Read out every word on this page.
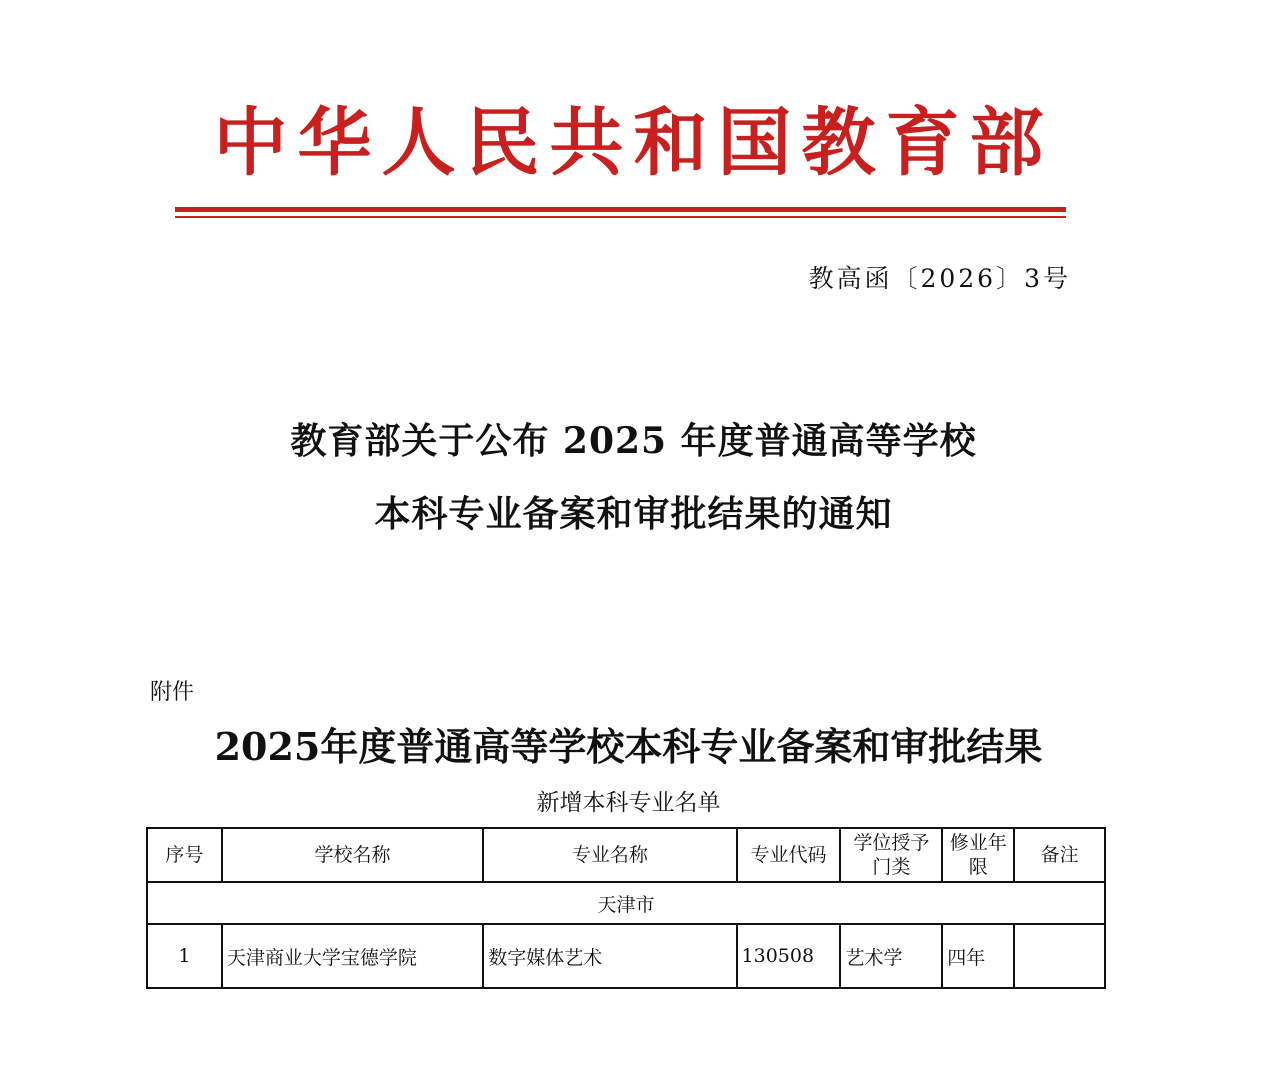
中华人民共和国教育部
教高函〔2026〕3号
教育部关于公布 2025 年度普通高等学校
本科专业备案和审批结果的通知
附件
2025年度普通高等学校本科专业备案和审批结果
新增本科专业名单
序号	学校名称	专业名称	专业代码	学位授予门类	修业年限	备注
天津市						
1	天津商业大学宝德学院	数字媒体艺术	130508	艺术学	四年	
